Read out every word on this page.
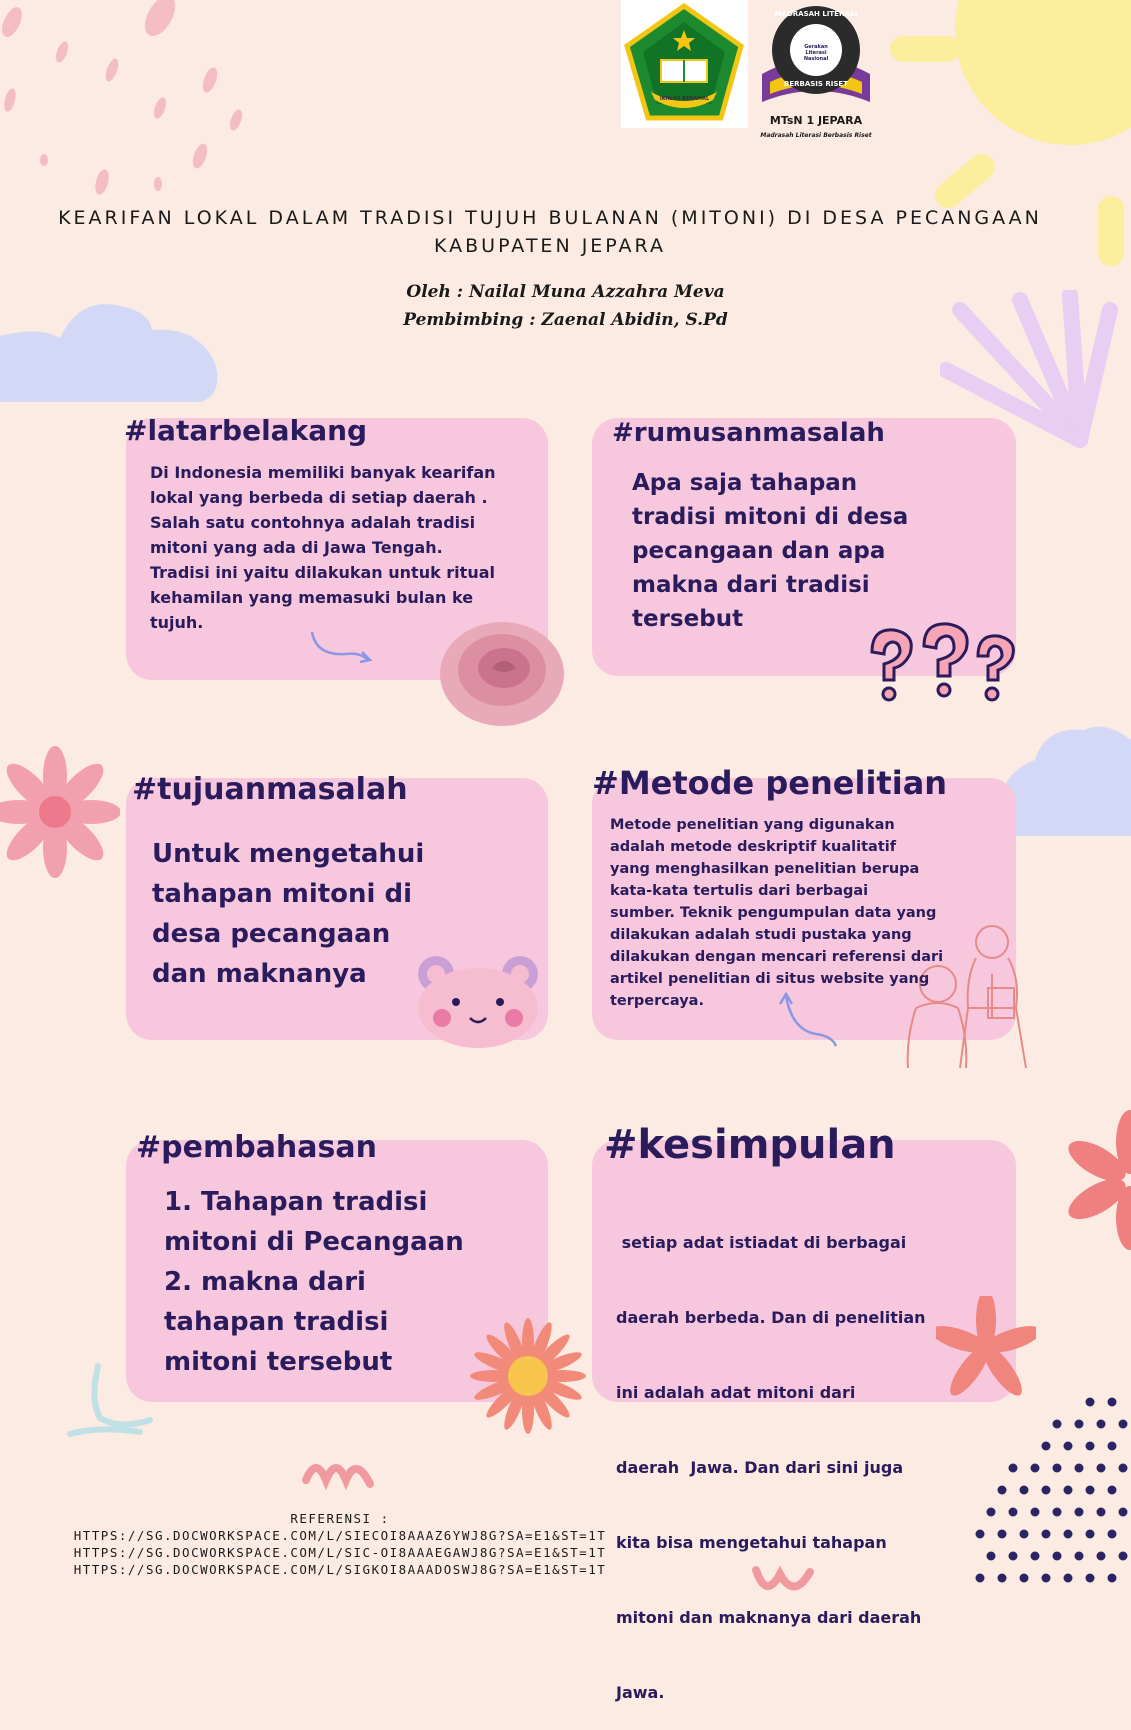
IKHLAS BERAMAL
MADRASAH LITERASI
Gerakan Literasi Nasional
BERBASIS RISET
MTsN 1 JEPARA
Madrasah Literasi Berbasis Riset
KEARIFAN LOKAL DALAM TRADISI TUJUH BULANAN (MITONI) DI DESA PECANGAAN
KABUPATEN JEPARA
Oleh : Nailal Muna Azzahra Meva
Pembimbing : Zaenal Abidin, S.Pd
#latarbelakang	#rumusanmasalah
#tujuanmasalah	#Metode penelitian
#pembahasan	#kesimpulan

Di Indonesia memiliki banyak kearifan

lokal yang berbeda di setiap daerah .

Salah satu contohnya adalah tradisi

mitoni yang ada di Jawa Tengah.

Tradisi ini yaitu dilakukan untuk ritual

kehamilan yang memasuki bulan ke

tujuh.

Apa saja tahapan

tradisi mitoni di desa

pecangaan dan apa

makna dari tradisi

tersebut

Untuk mengetahui

tahapan mitoni di

desa pecangaan

dan maknanya

Metode penelitian yang digunakan

adalah metode deskriptif kualitatif

yang menghasilkan penelitian berupa

kata-kata tertulis dari berbagai

sumber. Teknik pengumpulan data yang

dilakukan adalah studi pustaka yang

dilakukan dengan mencari referensi dari

artikel penelitian di situs website yang

terpercaya.

1. Tahapan tradisi

mitoni di Pecangaan

2. makna dari

tahapan tradisi

mitoni tersebut

setiap adat istiadat di berbagai

daerah berbeda. Dan di penelitian

ini adalah adat mitoni dari

daerah  Jawa. Dan dari sini juga

kita bisa mengetahui tahapan

mitoni dan maknanya dari daerah

Jawa.

REFERENSI :
HTTPS://SG.DOCWORKSPACE.COM/L/SIECOI8AAAZ6YWJ8G?SA=E1&ST=1T
HTTPS://SG.DOCWORKSPACE.COM/L/SIC-OI8AAAEGAWJ8G?SA=E1&ST=1T
HTTPS://SG.DOCWORKSPACE.COM/L/SIGKOI8AAADOSWJ8G?SA=E1&ST=1T
